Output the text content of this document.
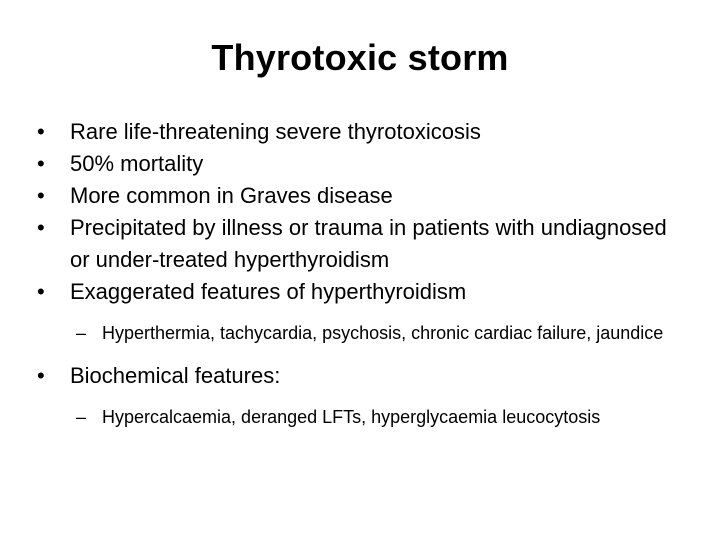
Thyrotoxic storm
•	Rare life-threatening severe thyrotoxicosis
•	50% mortality
•	More common in Graves disease
•	Precipitated by illness or trauma in patients with undiagnosed or under-treated hyperthyroidism
•	Exaggerated features of hyperthyroidism
– Hyperthermia, tachycardia, psychosis, chronic cardiac failure, jaundice
•	Biochemical features:
– Hypercalcaemia, deranged LFTs, hyperglycaemia leucocytosis
